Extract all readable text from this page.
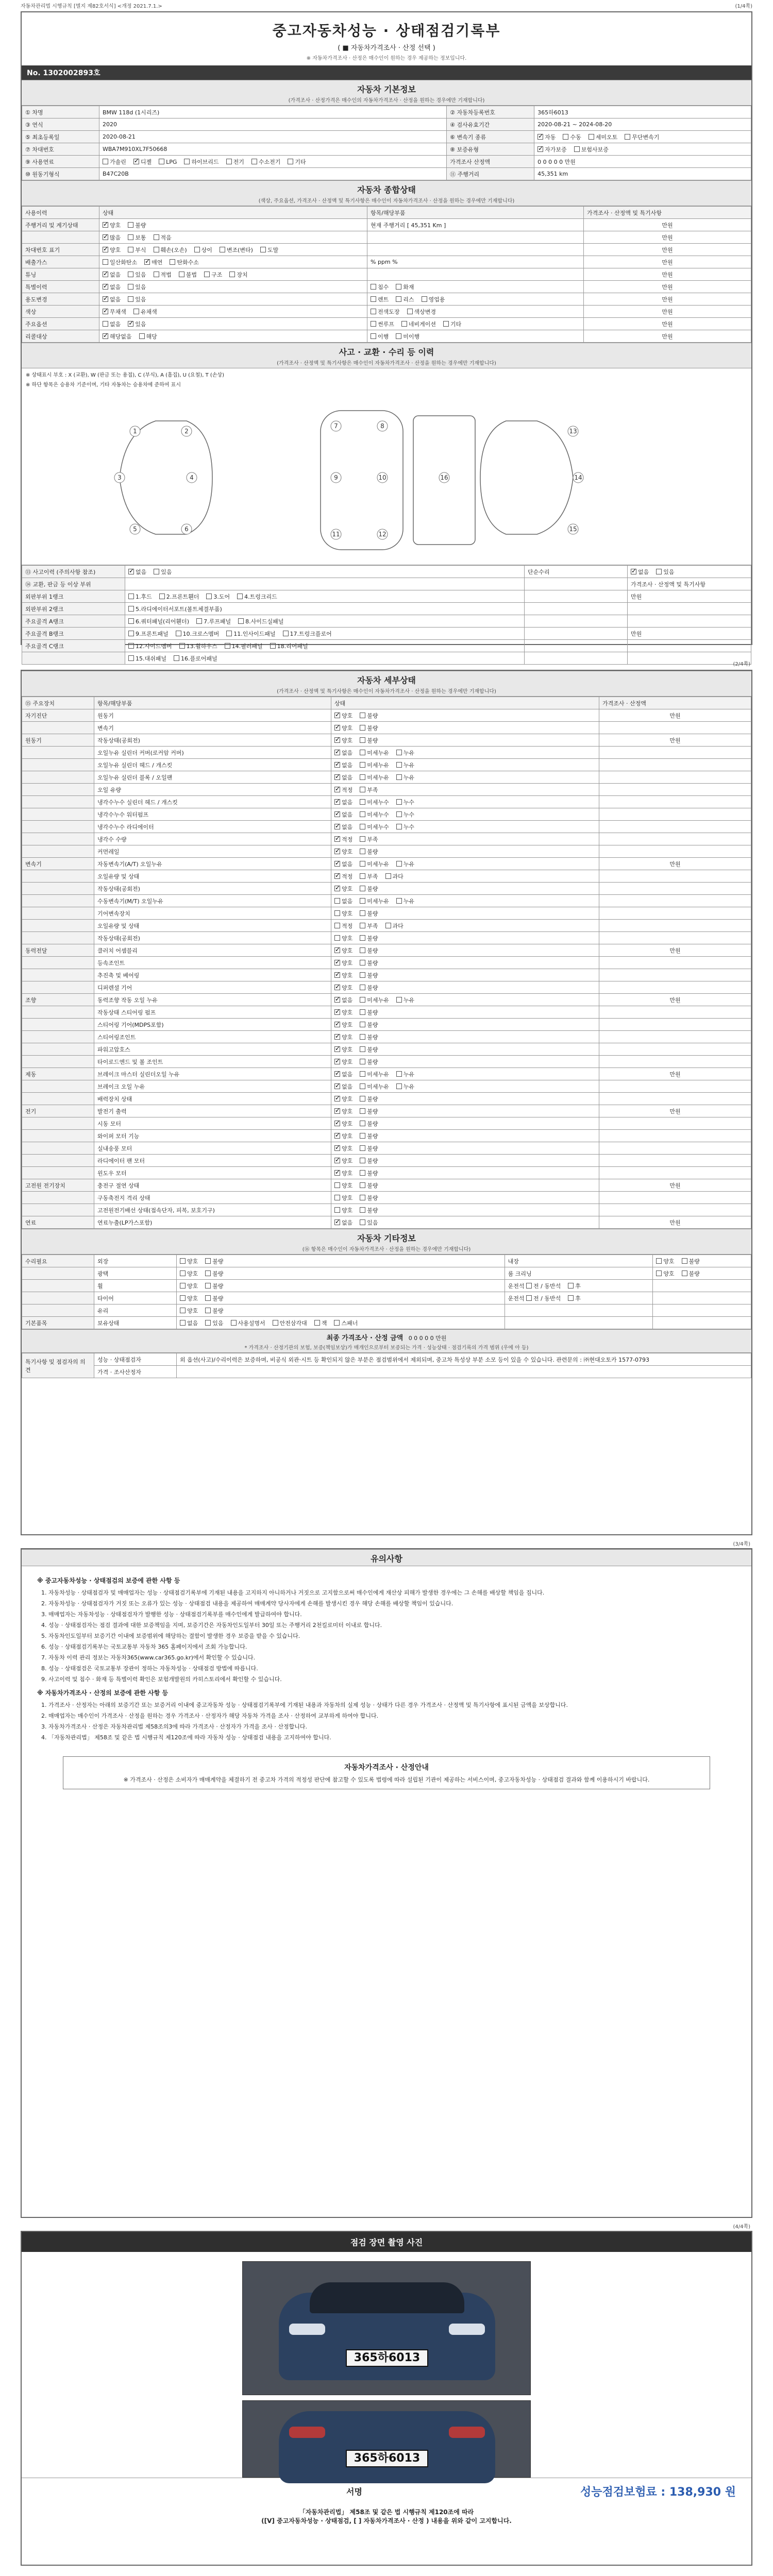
자동차관리법 시행규칙 [별지 제82호서식] <개정 2021.7.1.>	(1/4쪽)
중고자동차성능 · 상태점검기록부
( ■ 자동차가격조사 · 산정 선택 )
※ 자동차가격조사 · 산정은 매수인이 원하는 경우 제공하는 정보입니다.
No. 1302002893호
자동차 기본정보
(가격조사 · 산정가격은 매수인의 자동차가격조사 · 산정을 원하는 경우에만 기재합니다)
① 차명	BMW 118d (1시리즈)	② 자동차등록번호	365하6013
③ 연식	2020	④ 검사유효기간	2020-08-21 ~ 2024-08-20
⑤ 최초등록일	2020-08-21	⑥ 변속기 종류	✓자동 수동 세미오토 무단변속기
⑦ 차대번호	WBA7M910XL7F50668	⑧ 보증유형	✓자가보증 보험사보증
⑨ 사용연료	가솔린 ✓ 디젤 LPG 하이브리드 전기 수소전기 기타	가격조사 산정액	0 0 0 0 0 만원
⑩ 원동기형식	B47C20B	⑪ 주행거리	45,351 km
자동차 종합상태
(색상, 주요옵션, 가격조사 · 산정액 및 특기사항은 매수인이 자동차가격조사 · 산정을 원하는 경우에만 기재합니다)
사용이력	상태	항목/해당부품	가격조사 · 산정액 및 특기사항
주행거리 및 계기상태	✓양호 불량	현재 주행거리 [ 45,351 Km ]	만원
	✓많음 보통 적음		만원
차대번호 표기	✓양호 부식 훼손(오손) 상이 변조(변타) 도말		만원
배출가스	일산화탄소 ✓ 매연 탄화수소	% ppm %	만원
튜닝	✓없음 있음 적법 불법 구조 장치		만원
특별이력	✓없음 있음	침수 화재	만원
용도변경	✓없음 있음	렌트 리스 영업용	만원
색상	✓무채색 유채색	전색도장 색상변경	만원
주요옵션	없음 ✓ 있음	썬루프 네비게이션 기타	만원
리콜대상	✓해당없음 해당	이행 미이행	만원
사고 · 교환 · 수리 등 이력
(가격조사 · 산정액 및 특기사항은 매수인이 자동차가격조사 · 산정을 원하는 경우에만 기재합니다)
※ 상태표시 부호 : X (교환), W (판금 또는 용접), C (부식), A (흠집), U (요철), T (손상)
※ 하단 항목은 승용차 기준이며, 기타 자동차는 승용차에 준하여 표시
1	2
3	4
5	6
7	8
9	10
11	12
13
14
15
16
⑬ 사고이력 (주의사항 참조)	✓없음 있음	단순수리	✓없음 있음
⑭ 교환, 판금 등 이상 부위			가격조사 · 산정액 및 특기사항
외판부위 1랭크	1.후드 2.프론트휀더 3.도어 4.트렁크리드		만원
외판부위 2랭크	5.라디에이터서포트(볼트체결부품)		
주요골격 A랭크	6.쿼터패널(리어휀더) 7.루프패널 8.사이드실패널		
주요골격 B랭크	9.프론트패널 10.크로스멤버 11.인사이드패널 17.트렁크플로어		만원
주요골격 C랭크	12.사이드멤버 13.휠하우스 14.필러패널 18.리어패널		
	15.대쉬패널 16.플로어패널		
(2/4쪽)
자동차 세부상태
(가격조사 · 산정액 및 특기사항은 매수인이 자동차가격조사 · 산정을 원하는 경우에만 기재합니다)
⑮ 주요장치	항목/해당부품	상태	가격조사 · 산정액
자기진단	원동기	✓양호 불량	만원
	변속기	✓양호 불량	
원동기	작동상태(공회전)	✓양호 불량	만원
	오일누유 실린더 커버(로커암 커버)	✓없음 미세누유 누유	
	오일누유 실린더 헤드 / 개스킷	✓없음 미세누유 누유	
	오일누유 실린더 블록 / 오일팬	✓없음 미세누유 누유	
	오일 유량	✓적정 부족	
	냉각수누수 실린더 헤드 / 개스킷	✓없음 미세누수 누수	
	냉각수누수 워터펌프	✓없음 미세누수 누수	
	냉각수누수 라디에이터	✓없음 미세누수 누수	
	냉각수 수량	✓적정 부족	
	커먼레일	✓양호 불량	
변속기	자동변속기(A/T) 오일누유	✓없음 미세누유 누유	만원
	오일유량 및 상태	✓적정 부족 과다	
	작동상태(공회전)	✓양호 불량	
	수동변속기(M/T) 오일누유	없음 미세누유 누유	
	기어변속장치	양호 불량	
	오일유량 및 상태	적정 부족 과다	
	작동상태(공회전)	양호 불량	
동력전달	클러치 어셈블리	✓양호 불량	만원
	등속조인트	✓양호 불량	
	추진축 및 베어링	✓양호 불량	
	디퍼렌셜 기어	✓양호 불량	
조향	동력조향 작동 오일 누유	✓없음 미세누유 누유	만원
	작동상태 스티어링 펌프	✓양호 불량	
	스티어링 기어(MDPS포함)	✓양호 불량	
	스티어링조인트	✓양호 불량	
	파워고압호스	✓양호 불량	
	타이로드엔드 및 볼 조인트	✓양호 불량	
제동	브레이크 마스터 실린더오일 누유	✓없음 미세누유 누유	만원
	브레이크 오일 누유	✓없음 미세누유 누유	
	배력장치 상태	✓양호 불량	
전기	발전기 출력	✓양호 불량	만원
	시동 모터	✓양호 불량	
	와이퍼 모터 기능	✓양호 불량	
	실내송풍 모터	✓양호 불량	
	라디에이터 팬 모터	✓양호 불량	
	윈도우 모터	✓양호 불량	
고전원 전기장치	충전구 절연 상태	양호 불량	만원
	구동축전지 격리 상태	양호 불량	
	고전원전기배선 상태(접속단자, 피복, 보호기구)	양호 불량	
연료	연료누출(LP가스포함)	✓없음 있음	만원
자동차 기타정보
(⑯ 항목은 매수인이 자동차가격조사 · 산정을 원하는 경우에만 기재합니다)
수리필요	외장	양호 불량	내장	양호 불량
	광택	양호 불량	룸 크리닝	양호 불량
	휠	양호 불량	운전석 전 / 동반석 후	
	타이어	양호 불량	운전석 전 / 동반석 후	
	유리	양호 불량		
기본품목	보유상태	없음 있음 사용설명서 안전삼각대 잭 스패너		
최종 가격조사 · 산정 금액 0 0 0 0 0 만원
* 가격조사 · 산정기관의 보험, 보증(책임보상)가 매개인으로부터 보증되는 가격 · 성능상태 · 점검기록의 가격 범위 (우에 아 등)
특기사항 및 점검자의 의견	성능 · 상태점검자	외 옵션(사고)/수리이력은 보증하며, 비공식 외관·시트 등 확인되지 않은 부분은 점검범위에서 제외되며, 중고차 특성상 부분 소모 등이 있을 수 있습니다. 관련문의 : ㈜현대오토카 1577-0793
	가격 · 조사산정자	
(3/4쪽)
유의사항
※ 중고자동차성능 · 상태점검의 보증에 관한 사항 등
1. 자동차성능 · 상태점검자 및 매매업자는 성능 · 상태점검기록부에 기재된 내용을 고지하지 아니하거나 거짓으로 고지함으로써 매수인에게 재산상 피해가 발생한 경우에는 그 손해를 배상할 책임을 집니다.
2. 자동차성능 · 상태점검자가 거짓 또는 오류가 있는 성능 · 상태점검 내용을 제공하여 매매계약 당사자에게 손해를 발생시킨 경우 해당 손해를 배상할 책임이 있습니다.
3. 매매업자는 자동차성능 · 상태점검자가 발행한 성능 · 상태점검기록부를 매수인에게 발급하여야 합니다.
4. 성능 · 상태점검자는 점검 결과에 대한 보증책임을 지며, 보증기간은 자동차인도일부터 30일 또는 주행거리 2천킬로미터 이내로 합니다.
5. 자동차인도일부터 보증기간 이내에 보증범위에 해당하는 결함이 발생한 경우 보증을 받을 수 있습니다.
6. 성능 · 상태점검기록부는 국토교통부 자동차 365 홈페이지에서 조회 가능합니다.
7. 자동차 이력 관리 정보는 자동차365(www.car365.go.kr)에서 확인할 수 있습니다.
8. 성능 · 상태점검은 국토교통부 장관이 정하는 자동차성능 · 상태점검 방법에 따릅니다.
9. 사고이력 및 침수 · 화재 등 특별이력 확인은 보험개발원의 카히스토리에서 확인할 수 있습니다.
※ 자동차가격조사 · 산정의 보증에 관한 사항 등
1. 가격조사 · 산정자는 아래의 보증기간 또는 보증거리 이내에 중고자동차 성능 · 상태점검기록부에 기재된 내용과 자동차의 실제 성능 · 상태가 다른 경우 가격조사 · 산정액 및 특기사항에 표시된 금액을 보상합니다.
2. 매매업자는 매수인이 가격조사 · 산정을 원하는 경우 가격조사 · 산정자가 해당 자동차 가격을 조사 · 산정하여 교부하게 하여야 합니다.
3. 자동차가격조사 · 산정은 자동차관리법 제58조의3에 따라 가격조사 · 산정자가 가격을 조사 · 산정합니다.
4. 「자동차관리법」 제58조 및 같은 법 시행규칙 제120조에 따라 자동차 성능 · 상태점검 내용을 고지하여야 합니다.
자동차가격조사 · 산정안내
※ 가격조사 · 산정은 소비자가 매매계약을 체결하기 전 중고차 가격의 적정성 판단에 참고할 수 있도록 법령에 따라 설립된 기관이 제공하는 서비스이며, 중고자동차성능 · 상태점검 결과와 함께 이용하시기 바랍니다.
(4/4쪽)
점검 장면 촬영 사진
365하6013
365하6013
서명	성능점검보험료 : 138,930 원
「자동차관리법」 제58조 및 같은 법 시행규칙 제120조에 따라
([V] 중고자동차성능 · 상태점검, [ ] 자동차가격조사 · 산정 ) 내용을 위와 같이 고지합니다.
